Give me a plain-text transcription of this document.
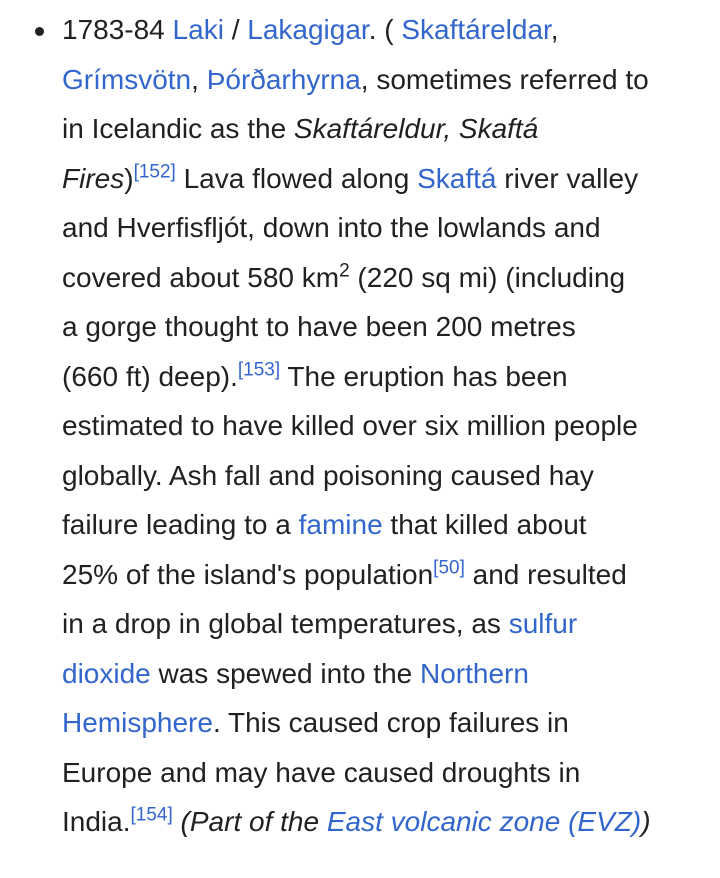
1783-84 Laki / Lakagigar. ( Skaftáreldar,
Grímsvötn, Þórðarhyrna, sometimes referred to
in Icelandic as the Skaftáreldur, Skaftá
Fires)[152] Lava flowed along Skaftá river valley
and Hverfisfljót, down into the lowlands and
covered about 580 $km^2$ (220 sq mi) (including
a gorge thought to have been 200 metres
(660 ft) deep).[153] The eruption has been
estimated to have killed over six million people
globally. Ash fall and poisoning caused hay
failure leading to a famine that killed about
25% of the island's population[50] and resulted
in a drop in global temperatures, as sulfur
dioxide was spewed into the Northern
Hemisphere. This caused crop failures in
Europe and may have caused droughts in
India.[154] (Part of the East volcanic zone (EVZ))
